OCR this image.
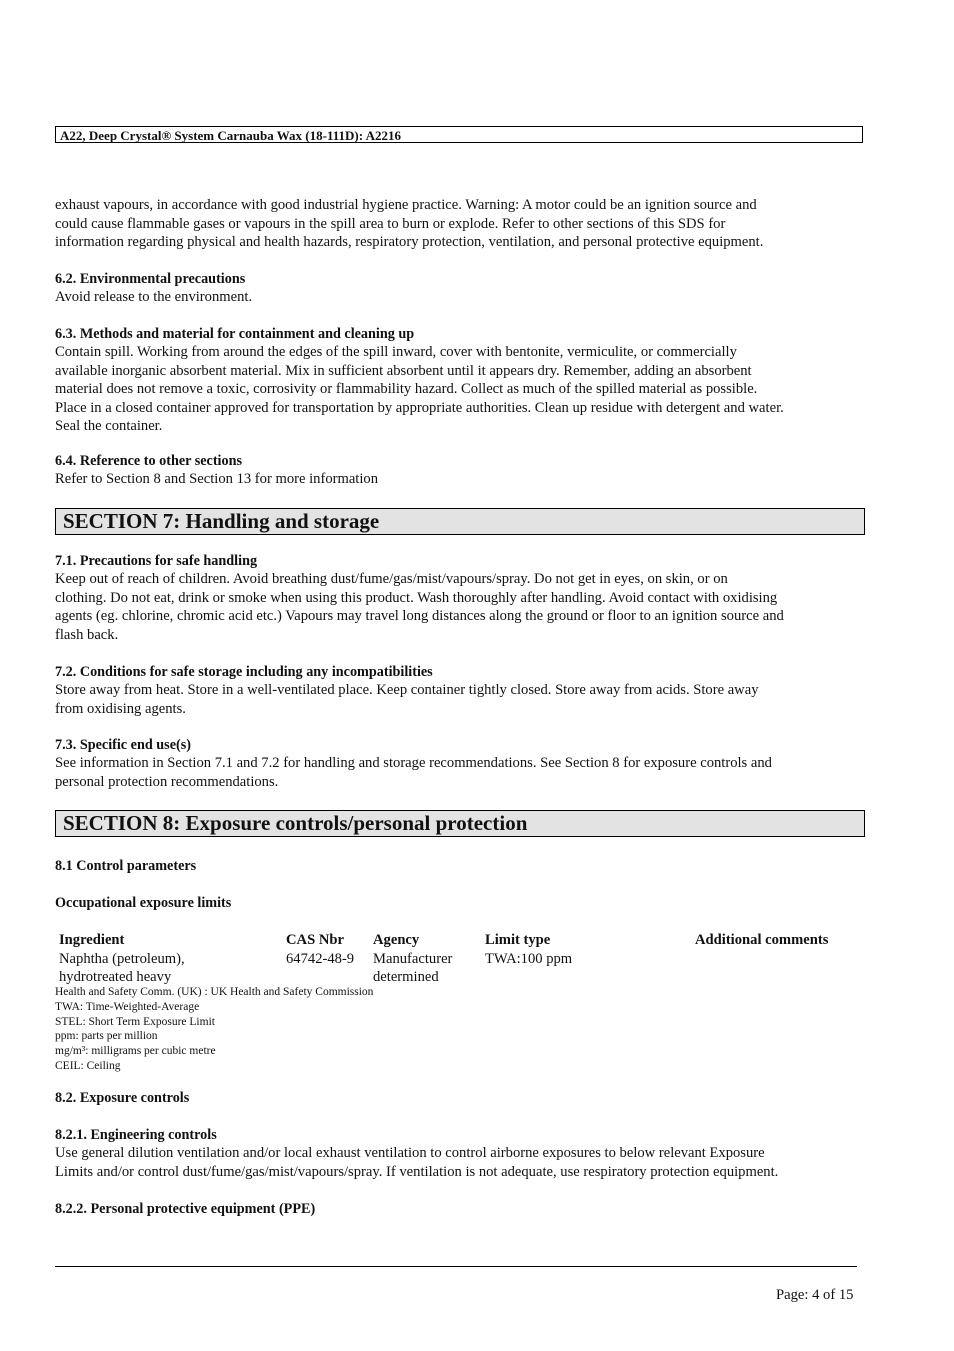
A22, Deep Crystal® System Carnauba Wax (18-111D): A2216
exhaust vapours, in accordance with good industrial hygiene practice. Warning: A motor could be an ignition source and
could cause flammable gases or vapours in the spill area to burn or explode. Refer to other sections of this SDS for
information regarding physical and health hazards, respiratory protection, ventilation, and personal protective equipment.
6.2. Environmental precautions
Avoid release to the environment.
6.3. Methods and material for containment and cleaning up
Contain spill. Working from around the edges of the spill inward, cover with bentonite, vermiculite, or commercially
available inorganic absorbent material. Mix in sufficient absorbent until it appears dry. Remember, adding an absorbent
material does not remove a toxic, corrosivity or flammability hazard. Collect as much of the spilled material as possible.
Place in a closed container approved for transportation by appropriate authorities. Clean up residue with detergent and water.
Seal the container.
6.4. Reference to other sections
Refer to Section 8 and Section 13 for more information
SECTION 7: Handling and storage
7.1. Precautions for safe handling
Keep out of reach of children. Avoid breathing dust/fume/gas/mist/vapours/spray. Do not get in eyes, on skin, or on
clothing. Do not eat, drink or smoke when using this product. Wash thoroughly after handling. Avoid contact with oxidising
agents (eg. chlorine, chromic acid etc.) Vapours may travel long distances along the ground or floor to an ignition source and
flash back.
7.2. Conditions for safe storage including any incompatibilities
Store away from heat. Store in a well-ventilated place. Keep container tightly closed. Store away from acids. Store away
from oxidising agents.
7.3. Specific end use(s)
See information in Section 7.1 and 7.2 for handling and storage recommendations. See Section 8 for exposure controls and
personal protection recommendations.
SECTION 8: Exposure controls/personal protection
8.1 Control parameters
Occupational exposure limits
Ingredient
Naphtha (petroleum),
hydrotreated heavy
CAS Nbr
64742-48-9
Agency
Manufacturer
determined
Limit type
TWA:100 ppm
Additional comments
Health and Safety Comm. (UK) : UK Health and Safety Commission
TWA: Time-Weighted-Average
STEL: Short Term Exposure Limit
ppm: parts per million
mg/m³: milligrams per cubic metre
CEIL: Ceiling
8.2. Exposure controls
8.2.1. Engineering controls
Use general dilution ventilation and/or local exhaust ventilation to control airborne exposures to below relevant Exposure
Limits and/or control dust/fume/gas/mist/vapours/spray. If ventilation is not adequate, use respiratory protection equipment.
8.2.2. Personal protective equipment (PPE)
Page: 4 of 15
